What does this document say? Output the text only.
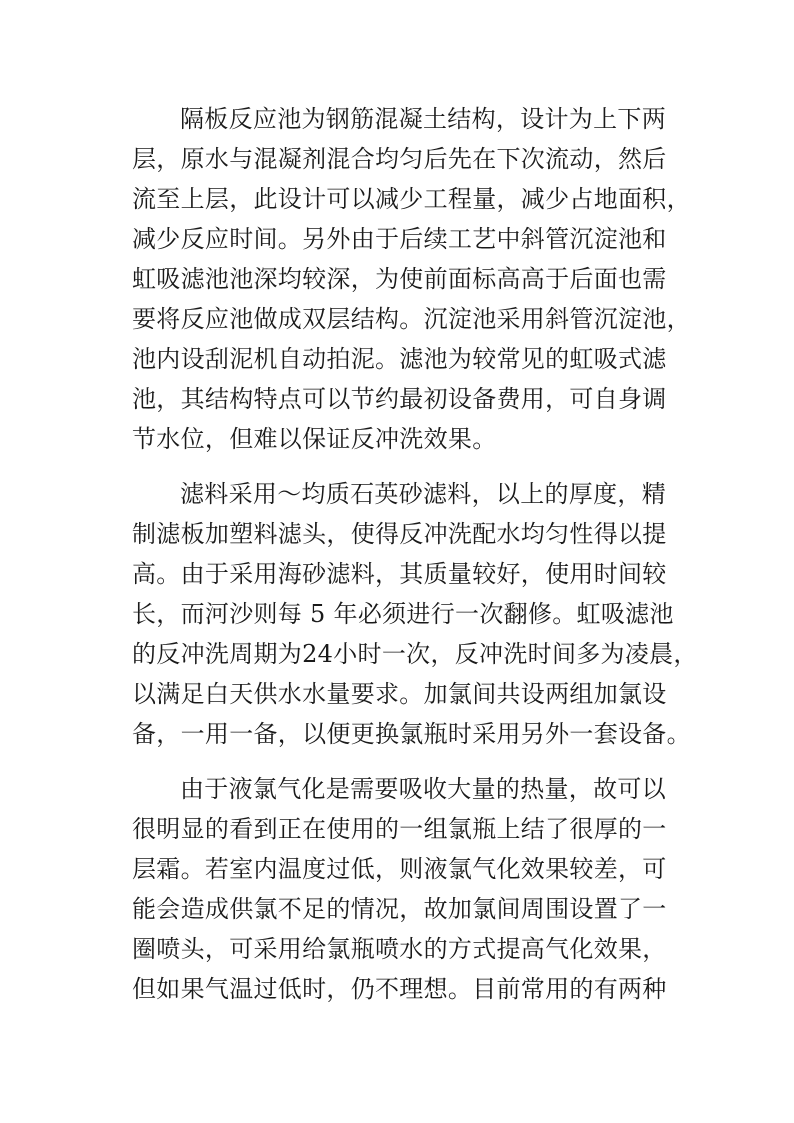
隔板反应池为钢筋混凝土结构，设计为上下两
层，原水与混凝剂混合均匀后先在下次流动，然后
流至上层，此设计可以减少工程量，减少占地面积，
减少反应时间。另外由于后续工艺中斜管沉淀池和
虹吸滤池池深均较深，为使前面标高高于后面也需
要将反应池做成双层结构。沉淀池采用斜管沉淀池，
池内设刮泥机自动拍泥。滤池为较常见的虹吸式滤
池，其结构特点可以节约最初设备费用，可自身调
节水位，但难以保证反冲洗效果。
滤料采用～均质石英砂滤料，以上的厚度，精
制滤板加塑料滤头，使得反冲洗配水均匀性得以提
高。由于采用海砂滤料，其质量较好，使用时间较
长，而河沙则每 5 年必须进行一次翻修。虹吸滤池
的反冲洗周期为24小时一次，反冲洗时间多为凌晨，
以满足白天供水水量要求。加氯间共设两组加氯设
备，一用一备，以便更换氯瓶时采用另外一套设备。
由于液氯气化是需要吸收大量的热量，故可以
很明显的看到正在使用的一组氯瓶上结了很厚的一
层霜。若室内温度过低，则液氯气化效果较差，可
能会造成供氯不足的情况，故加氯间周围设置了一
圈喷头，可采用给氯瓶喷水的方式提高气化效果，
但如果气温过低时，仍不理想。目前常用的有两种
